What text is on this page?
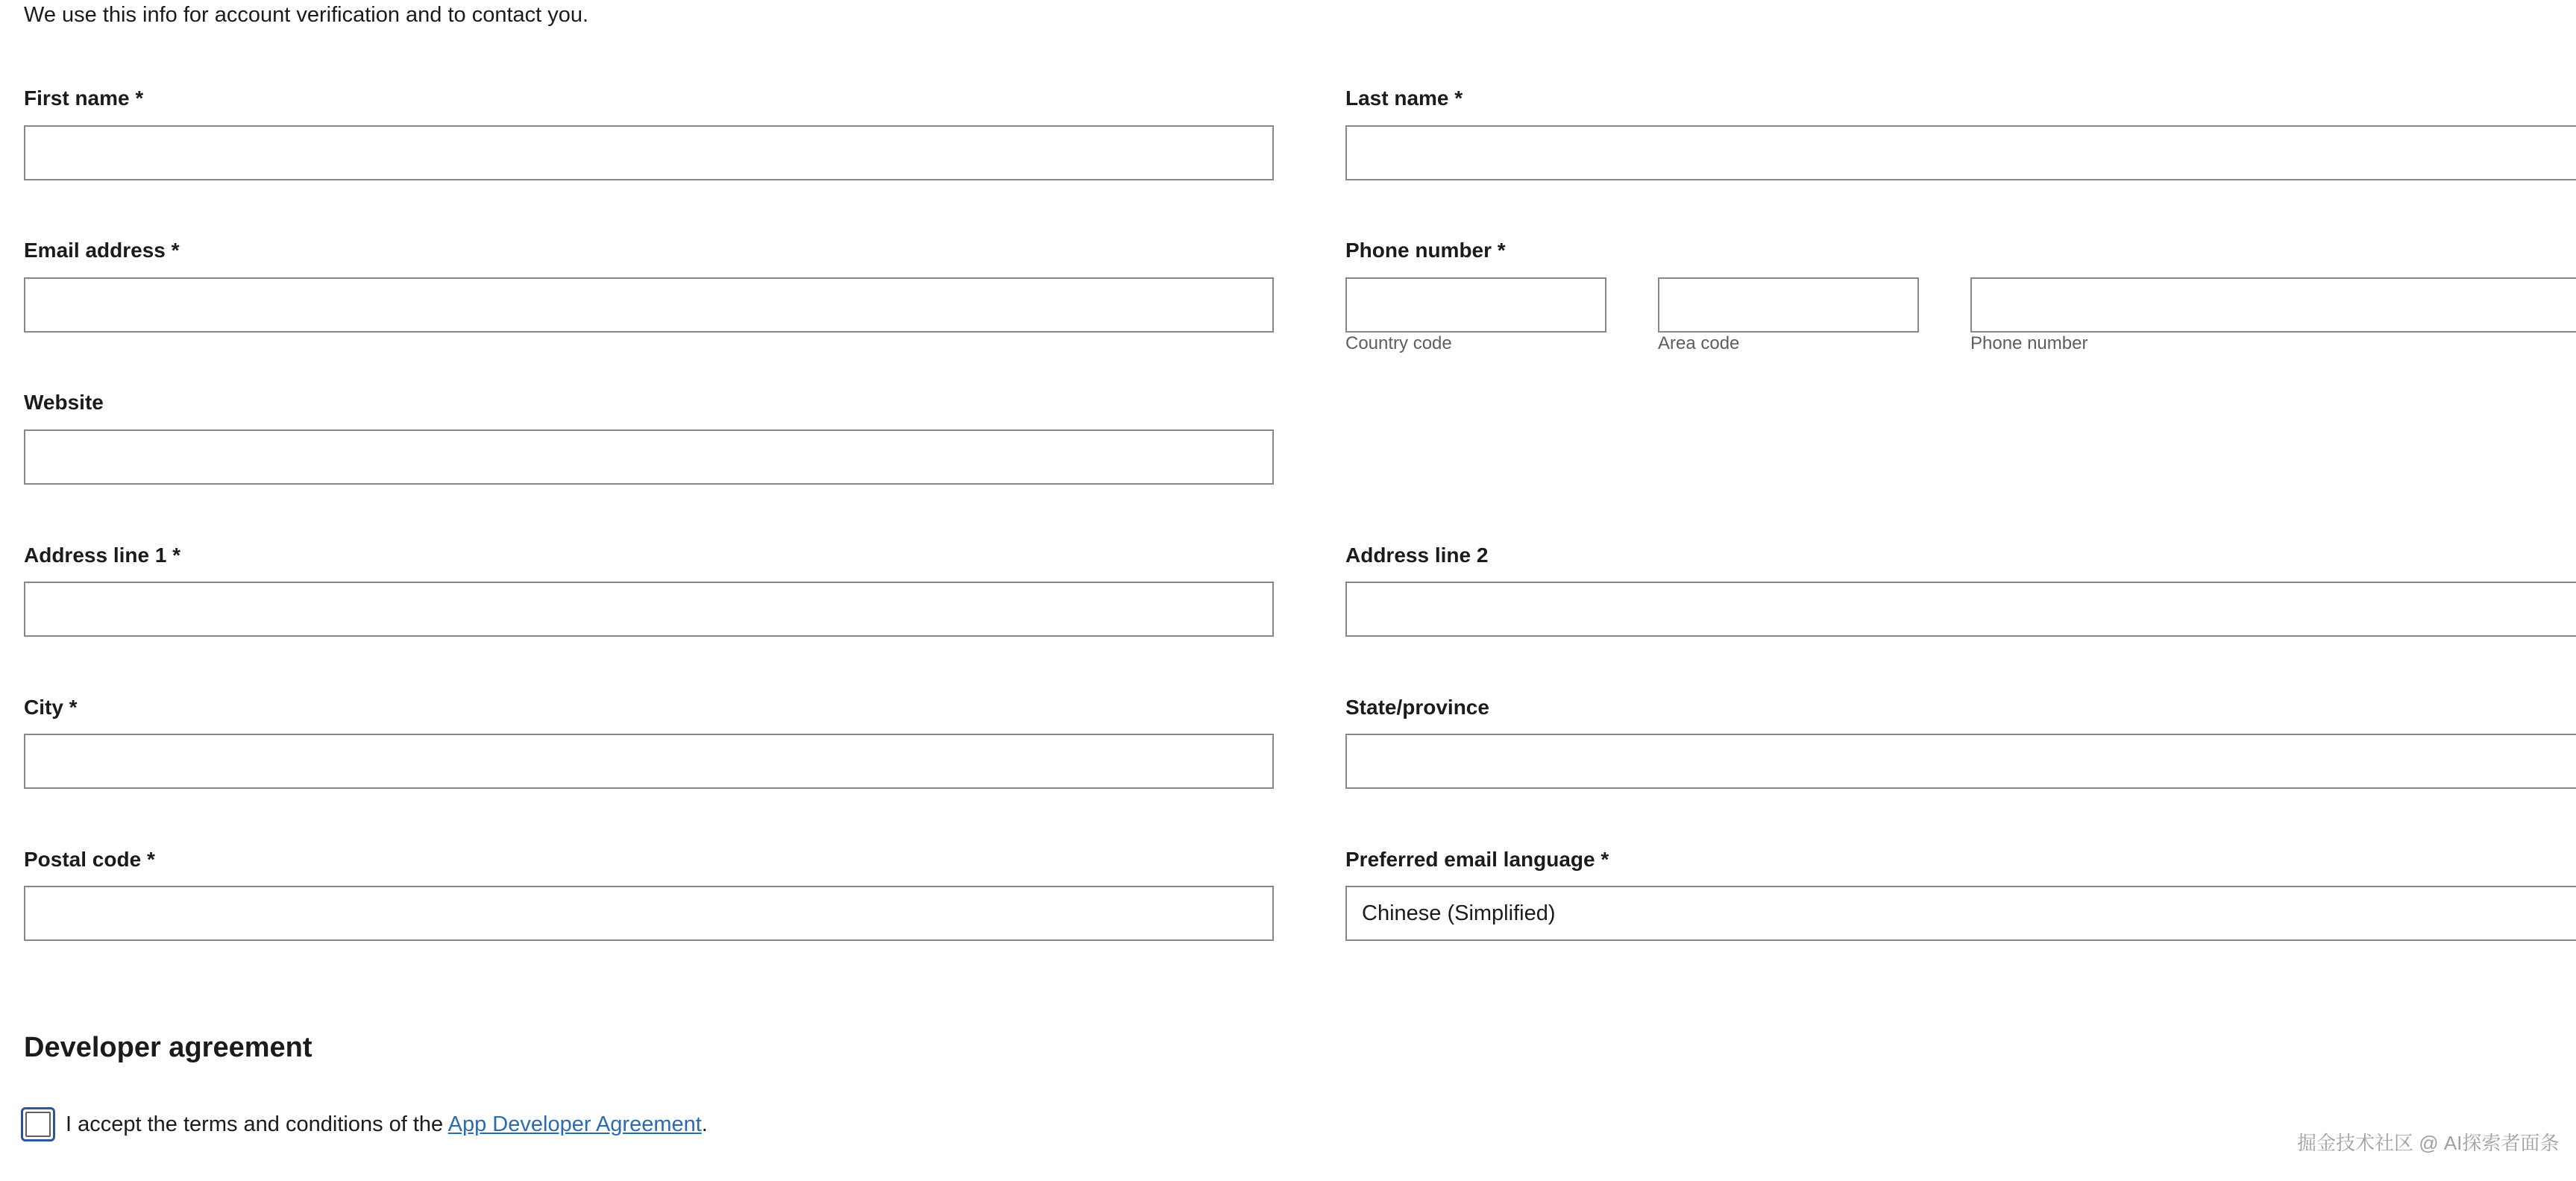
We use this info for account verification and to contact you.
First name *	Last name *
Email address *	Phone number *
Country code	Area code	Phone number
Website
Address line 1 *	Address line 2
City *	State/province
Postal code *	Preferred email language *
Chinese (Simplified)
Developer agreement
I accept the terms and conditions of the App Developer Agreement.
掘金技术社区 @ AI探索者面条
